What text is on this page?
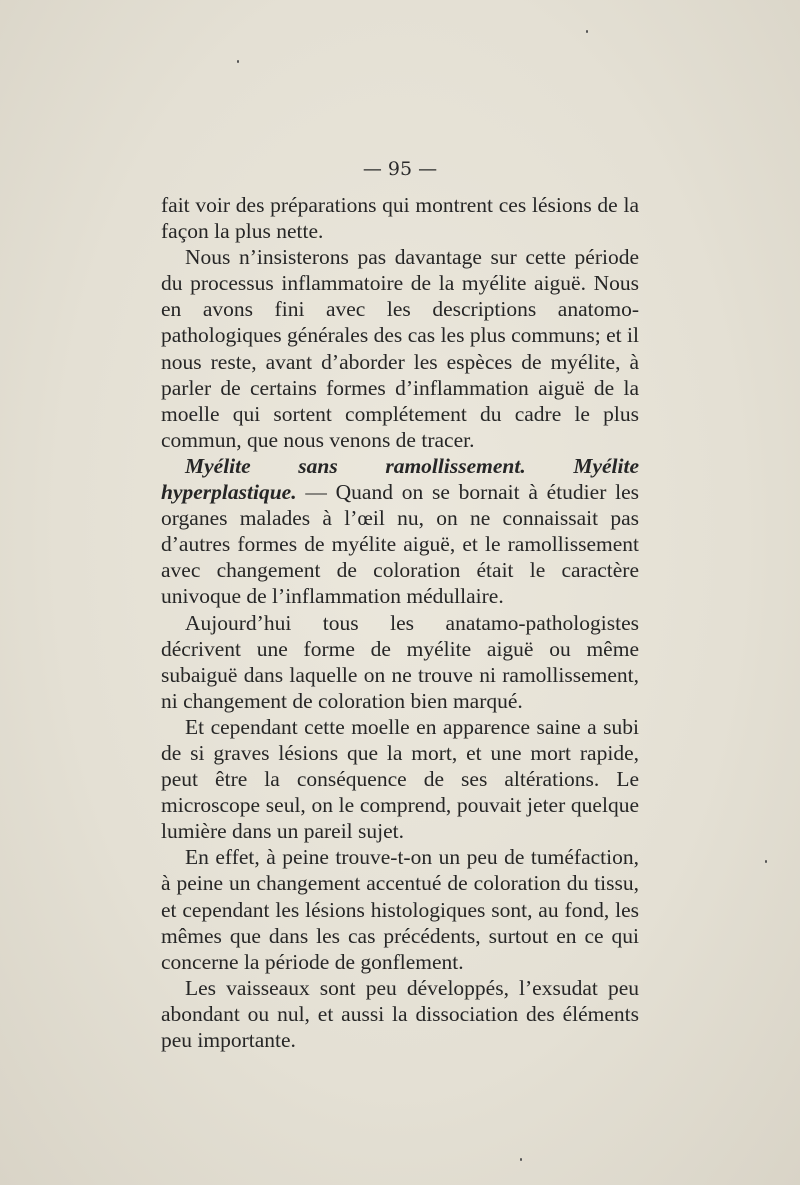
— 95 —

fait voir des préparations qui montrent ces lésions de la façon la plus nette.

Nous n’insisterons pas davantage sur cette période du processus inflammatoire de la myélite aiguë. Nous en avons fini avec les descriptions anatomo-pathologiques générales des cas les plus communs; et il nous reste, avant d’aborder les espèces de myélite, à parler de certains formes d’inflammation aiguë de la moelle qui sortent complétement du cadre le plus commun, que nous venons de tracer.

Myélite sans ramollissement. Myélite hyperplastique. — Quand on se bornait à étudier les organes malades à l’œil nu, on ne connaissait pas d’autres formes de myélite aiguë, et le ramollissement avec changement de coloration était le caractère univoque de l’inflammation médullaire.

Aujourd’hui tous les anatamo-pathologistes décrivent une forme de myélite aiguë ou même subaiguë dans laquelle on ne trouve ni ramollissement, ni changement de coloration bien marqué.

Et cependant cette moelle en apparence saine a subi de si graves lésions que la mort, et une mort rapide, peut être la conséquence de ses altérations. Le microscope seul, on le comprend, pouvait jeter quelque lumière dans un pareil sujet.

En effet, à peine trouve-t-on un peu de tuméfaction, à peine un changement accentué de coloration du tissu, et cependant les lésions histologiques sont, au fond, les mêmes que dans les cas précédents, surtout en ce qui concerne la période de gonflement.

Les vaisseaux sont peu développés, l’exsudat peu abondant ou nul, et aussi la dissociation des éléments peu importante.
